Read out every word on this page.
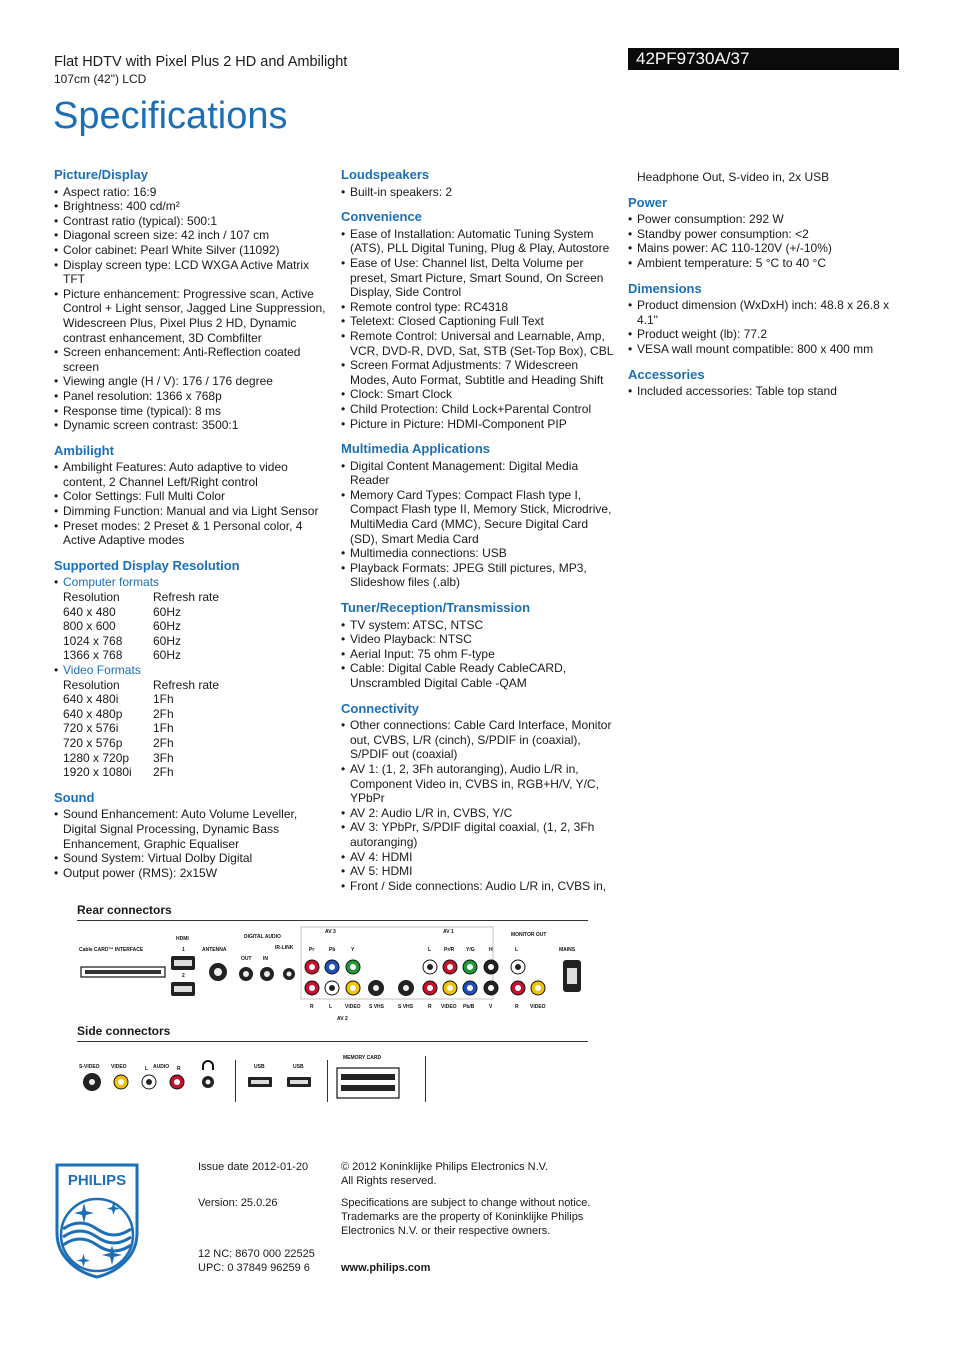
Flat HDTV with Pixel Plus 2 HD and Ambilight
107cm (42") LCD
42PF9730A/37
Specifications
Picture/Display
• Aspect ratio: 16:9
• Brightness: 400 cd/m²
• Contrast ratio (typical): 500:1
• Diagonal screen size: 42 inch / 107 cm
• Color cabinet: Pearl White Silver (11092)
• Display screen type: LCD WXGA Active Matrix TFT
• Picture enhancement: Progressive scan, Active Control + Light sensor, Jagged Line Suppression, Widescreen Plus, Pixel Plus 2 HD, Dynamic contrast enhancement, 3D Combfilter
• Screen enhancement: Anti-Reflection coated screen
• Viewing angle (H / V): 176 / 176 degree
• Panel resolution: 1366 x 768p
• Response time (typical): 8 ms
• Dynamic screen contrast: 3500:1
Ambilight
• Ambilight Features: Auto adaptive to video content, 2 Channel Left/Right control
• Color Settings: Full Multi Color
• Dimming Function: Manual and via Light Sensor
• Preset modes: 2 Preset & 1 Personal color, 4 Active Adaptive modes
Supported Display Resolution
• Computer formats
Resolution	Refresh rate
640 x 480	60Hz
800 x 600	60Hz
1024 x 768	60Hz
1366 x 768	60Hz
• Video Formats
Resolution	Refresh rate
640 x 480i	1Fh
640 x 480p	2Fh
720 x 576i	1Fh
720 x 576p	2Fh
1280 x 720p	3Fh
1920 x 1080i	2Fh
Sound
• Sound Enhancement: Auto Volume Leveller, Digital Signal Processing, Dynamic Bass Enhancement, Graphic Equaliser
• Sound System: Virtual Dolby Digital
• Output power (RMS): 2x15W
Loudspeakers
• Built-in speakers: 2
Convenience
• Ease of Installation: Automatic Tuning System (ATS), PLL Digital Tuning, Plug & Play, Autostore
• Ease of Use: Channel list, Delta Volume per preset, Smart Picture, Smart Sound, On Screen Display, Side Control
• Remote control type: RC4318
• Teletext: Closed Captioning Full Text
• Remote Control: Universal and Learnable, Amp, VCR, DVD-R, DVD, Sat, STB (Set-Top Box), CBL
• Screen Format Adjustments: 7 Widescreen Modes, Auto Format, Subtitle and Heading Shift
• Clock: Smart Clock
• Child Protection: Child Lock+Parental Control
• Picture in Picture: HDMI-Component PIP
Multimedia Applications
• Digital Content Management: Digital Media Reader
• Memory Card Types: Compact Flash type I, Compact Flash type II, Memory Stick, Microdrive, MultiMedia Card (MMC), Secure Digital Card (SD), Smart Media Card
• Multimedia connections: USB
• Playback Formats: JPEG Still pictures, MP3, Slideshow files (.alb)
Tuner/Reception/Transmission
• TV system: ATSC, NTSC
• Video Playback: NTSC
• Aerial Input: 75 ohm F-type
• Cable: Digital Cable Ready CableCARD, Unscrambled Digital Cable -QAM
Connectivity
• Other connections: Cable Card Interface, Monitor out, CVBS, L/R (cinch), S/PDIF in (coaxial), S/PDIF out (coaxial)
• AV 1: (1, 2, 3Fh autoranging), Audio L/R in, Component Video in, CVBS in, RGB+H/V, Y/C, YPbPr
• AV 2: Audio L/R in, CVBS, Y/C
• AV 3: YPbPr, S/PDIF digital coaxial, (1, 2, 3Fh autoranging)
• AV 4: HDMI
• AV 5: HDMI
• Front / Side connections: Audio L/R in, CVBS in,
Headphone Out, S-video in, 2x USB
Power
• Power consumption: 292 W
• Standby power consumption: <2
• Mains power: AC 110-120V (+/-10%)
• Ambient temperature: 5 °C to 40 °C
Dimensions
• Product dimension (WxDxH) inch: 48.8 x 26.8 x 4.1"
• Product weight (lb): 77.2
• VESA wall mount compatible: 800 x 400 mm
Accessories
• Included accessories: Table top stand
Rear connectors
Cable CARD™ INTERFACE
HDMI
1
2
ANTENNA
DIGITAL AUDIO
OUT IN
IR-LINK
AV 3	AV 1
AV 2
MONITOR OUT
MAINS
Pr	Pb	Y
R	L	VIDEO S VHS	S VHS
L	Pr/R Y/G	H
R VIDEO Pb/B	V
L
R VIDEO
Side connectors
S-VIDEO VIDEO	L AUDIO R	USB	USB
MEMORY CARD
PHILIPS
Issue date 2012-01-20
Version: 25.0.26
12 NC: 8670 000 22525
UPC: 0 37849 96259 6
© 2012 Koninklijke Philips Electronics N.V.
All Rights reserved.
Specifications are subject to change without notice. Trademarks are the property of Koninklijke Philips Electronics N.V. or their respective owners.
www.philips.com
